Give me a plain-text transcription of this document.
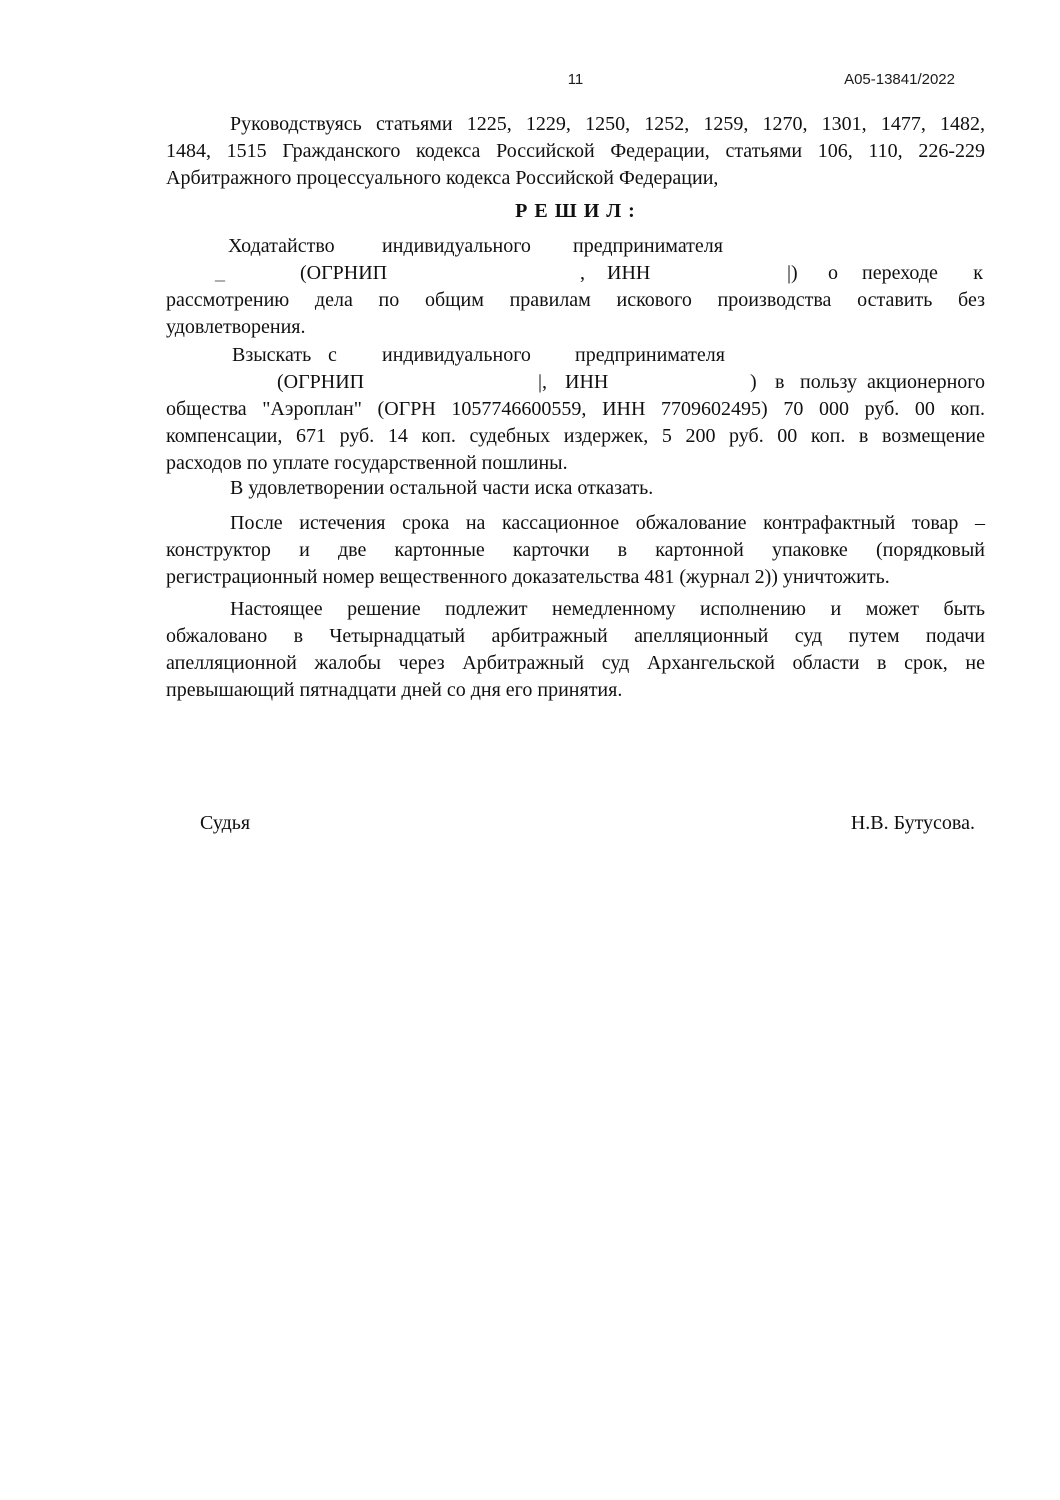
11	А05-13841/2022
Руководствуясь статьями 1225, 1229, 1250, 1252, 1259, 1270, 1301, 1477, 1482,
1484, 1515 Гражданского кодекса Российской Федерации, статьями 106, 110, 226-229
Арбитражного процессуального кодекса Российской Федерации,
Р Е Ш И Л :
Ходатайство индивидуального предпринимателя
_	(ОГРНИП	, ИНН	|) о переходе к
рассмотрению дела по общим правилам искового производства оставить без
удовлетворения.
Взыскать с индивидуального предпринимателя
(ОГРНИП	|, ИНН	) в пользу акционерного
общества "Аэроплан" (ОГРН 1057746600559, ИНН 7709602495) 70 000 руб. 00 коп.
компенсации, 671 руб. 14 коп. судебных издержек, 5 200 руб. 00 коп. в возмещение
расходов по уплате государственной пошлины.
В удовлетворении остальной части иска отказать.
После истечения срока на кассационное обжалование контрафактный товар –
конструктор и две картонные карточки в картонной упаковке (порядковый
регистрационный номер вещественного доказательства 481 (журнал 2)) уничтожить.
Настоящее решение подлежит немедленному исполнению и может быть
обжаловано в Четырнадцатый арбитражный апелляционный суд путем подачи
апелляционной жалобы через Арбитражный суд Архангельской области в срок, не
превышающий пятнадцати дней со дня его принятия.
Судья	Н.В. Бутусова.
